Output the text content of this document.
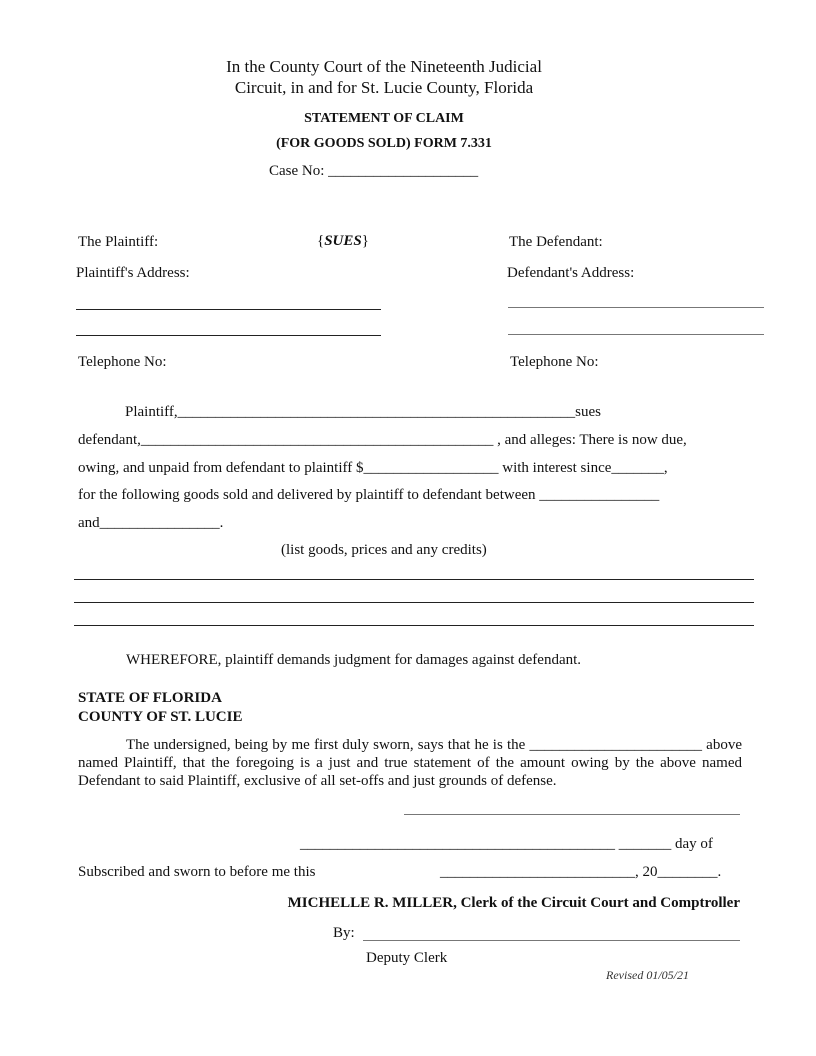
In the County Court of the Nineteenth Judicial
Circuit, in and for St. Lucie County, Florida
STATEMENT OF CLAIM
(FOR GOODS SOLD) FORM 7.331
Case No: ____________________
The Plaintiff:	{SUES}	The Defendant:
Plaintiff's Address:	Defendant's Address:
Telephone No:	Telephone No:
Plaintiff,_____________________________________________________sues
defendant,_______________________________________________ , and alleges: There is now due,
owing, and unpaid from defendant to plaintiff $__________________ with interest since_______,
for the following goods sold and delivered by plaintiff to defendant between ________________
and________________.
(list goods, prices and any credits)
WHEREFORE, plaintiff demands judgment for damages against defendant.
STATE OF FLORIDA
COUNTY OF ST. LUCIE
The undersigned, being by me first duly sworn, says that he is the _______________________ above named Plaintiff, that the foregoing is a just and true statement of the amount owing by the above named Defendant to said Plaintiff, exclusive of all set-offs and just grounds of defense.
__________________________________________ _______ day of
Subscribed and sworn to before me this	__________________________, 20________.
MICHELLE R. MILLER, Clerk of the Circuit Court and Comptroller
By:
Deputy Clerk
Revised 01/05/21
